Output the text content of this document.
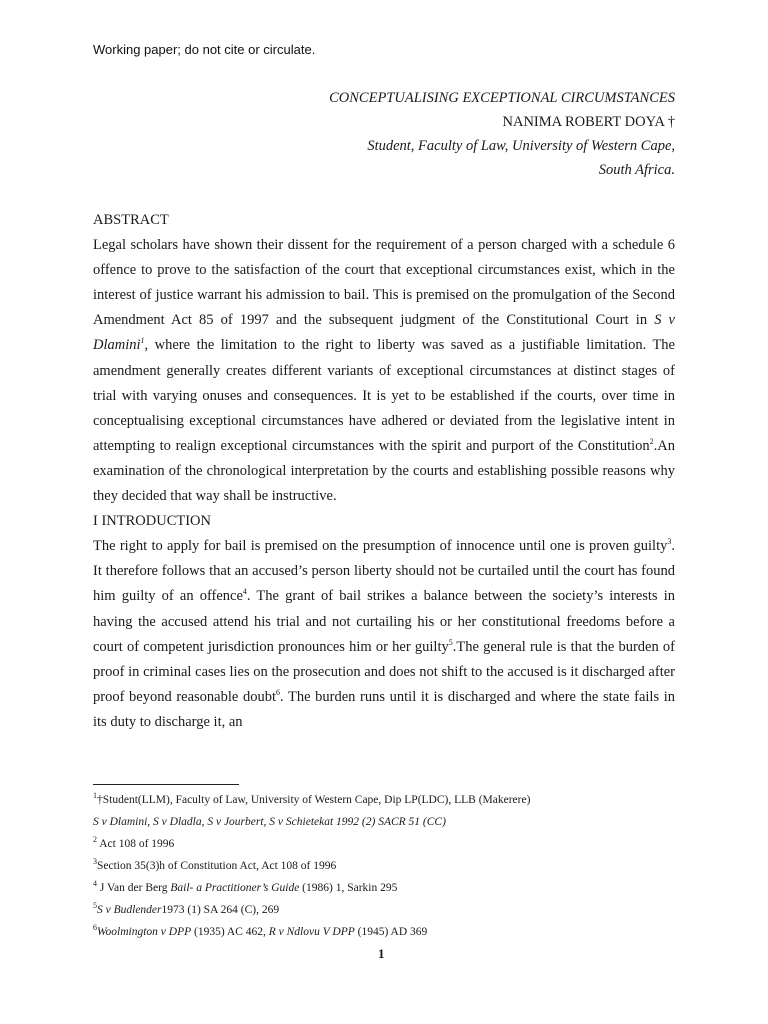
Working paper; do not cite or circulate.
CONCEPTUALISING EXCEPTIONAL CIRCUMSTANCES
NANIMA ROBERT DOYA †
Student, Faculty of Law, University of Western Cape,
South Africa.
ABSTRACT

Legal scholars have shown their dissent for the requirement of a person charged with a schedule 6 offence to prove to the satisfaction of the court that exceptional circumstances exist, which in the interest of justice warrant his admission to bail. This is premised on the promulgation of the Second Amendment Act 85 of 1997 and the subsequent judgment of the Constitutional Court in S v Dlamini$^1$, where the limitation to the right to liberty was saved as a justifiable limitation. The amendment generally creates different variants of exceptional circumstances at distinct stages of trial with varying onuses and consequences. It is yet to be established if the courts, over time in conceptualising exceptional circumstances have adhered or deviated from the legislative intent in attempting to realign exceptional circumstances with the spirit and purport of the Constitution$^2$.An examination of the chronological interpretation by the courts and establishing possible reasons why they decided that way shall be instructive.

I INTRODUCTION

The right to apply for bail is premised on the presumption of innocence until one is proven guilty$^3$. It therefore follows that an accused’s person liberty should not be curtailed until the court has found him guilty of an offence$^4$. The grant of bail strikes a balance between the society’s interests in having the accused attend his trial and not curtailing his or her constitutional freedoms before a court of competent jurisdiction pronounces him or her guilty$^5$.The general rule is that the burden of proof in criminal cases lies on the prosecution and does not shift to the accused is it discharged after proof beyond reasonable doubt$^6$. The burden runs until it is discharged and where the state fails in its duty to discharge it, an

$^1$†Student(LLM), Faculty of Law, University of Western Cape, Dip LP(LDC), LLB (Makerere)
S v Dlamini, S v Dladla, S v Jourbert, S v Schietekat 1992 (2) SACR 51 (CC)
$^2$ Act 108 of 1996
$^3$Section 35(3)h of Constitution Act, Act 108 of 1996
$^4$ J Van der Berg Bail- a Practitioner’s Guide (1986) 1, Sarkin 295
$^5$S v Budlender1973 (1) SA 264 (C), 269
$^6$Woolmington v DPP (1935) AC 462, R v Ndlovu V DPP (1945) AD 369
1
